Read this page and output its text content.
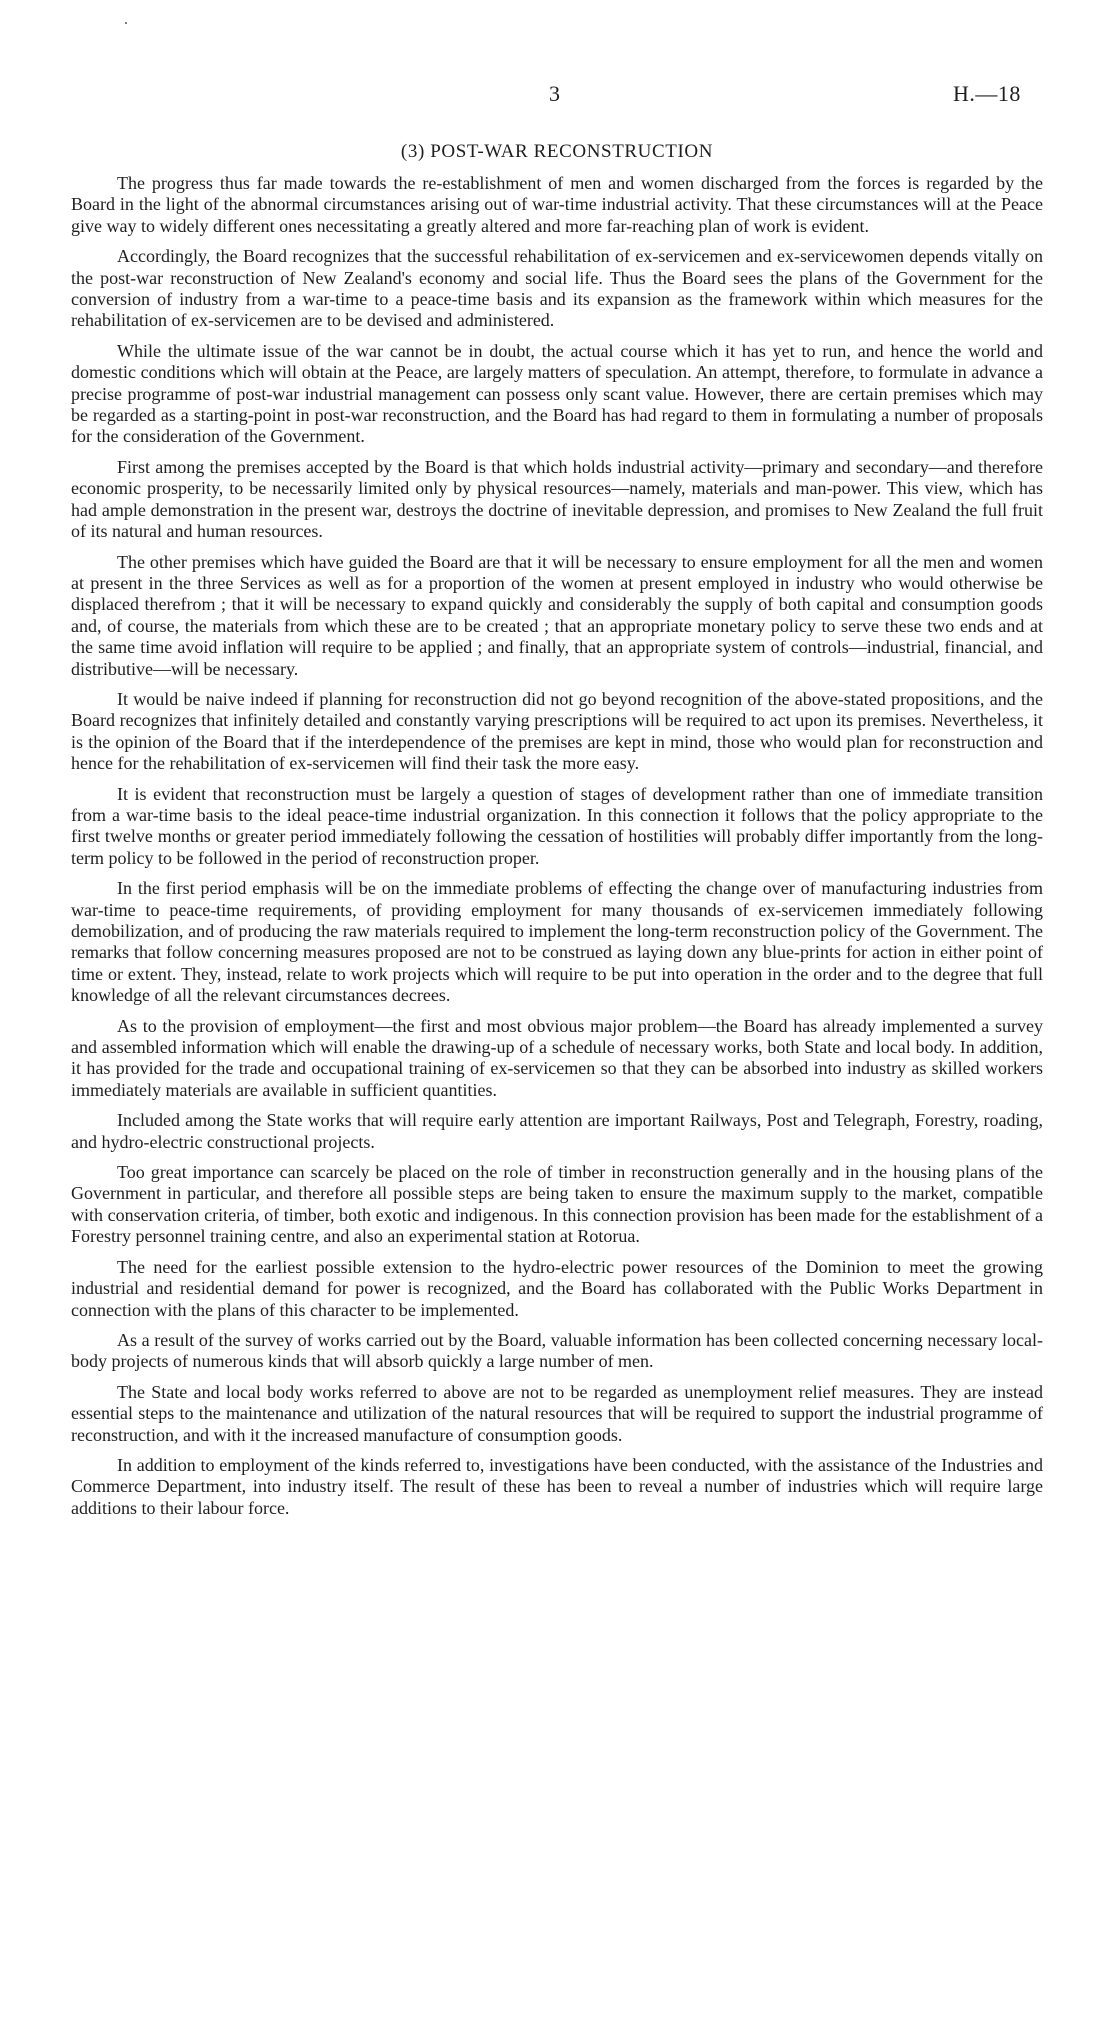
3	H.—18
(3) POST-WAR RECONSTRUCTION

The progress thus far made towards the re-establishment of men and women discharged from the forces is regarded by the Board in the light of the abnormal circumstances arising out of war-time industrial activity. That these circumstances will at the Peace give way to widely different ones necessitating a greatly altered and more far-reaching plan of work is evident.

Accordingly, the Board recognizes that the successful rehabilitation of ex-servicemen and ex-servicewomen depends vitally on the post-war reconstruction of New Zealand's economy and social life. Thus the Board sees the plans of the Government for the conversion of industry from a war-time to a peace-time basis and its expansion as the framework within which measures for the rehabilitation of ex-servicemen are to be devised and administered.

While the ultimate issue of the war cannot be in doubt, the actual course which it has yet to run, and hence the world and domestic conditions which will obtain at the Peace, are largely matters of speculation. An attempt, therefore, to formulate in advance a precise programme of post-war industrial management can possess only scant value. However, there are certain premises which may be regarded as a starting-point in post-war reconstruction, and the Board has had regard to them in formulating a number of proposals for the consideration of the Government.

First among the premises accepted by the Board is that which holds industrial activity—primary and secondary—and therefore economic prosperity, to be necessarily limited only by physical resources—namely, materials and man-power. This view, which has had ample demonstration in the present war, destroys the doctrine of inevitable depression, and promises to New Zealand the full fruit of its natural and human resources.

The other premises which have guided the Board are that it will be necessary to ensure employment for all the men and women at present in the three Services as well as for a proportion of the women at present employed in industry who would otherwise be displaced therefrom ; that it will be necessary to expand quickly and considerably the supply of both capital and consumption goods and, of course, the materials from which these are to be created ; that an appropriate monetary policy to serve these two ends and at the same time avoid inflation will require to be applied ; and finally, that an appropriate system of controls—industrial, financial, and distributive—will be necessary.

It would be naive indeed if planning for reconstruction did not go beyond recognition of the above-stated propositions, and the Board recognizes that infinitely detailed and constantly varying prescriptions will be required to act upon its premises. Nevertheless, it is the opinion of the Board that if the interdependence of the premises are kept in mind, those who would plan for reconstruction and hence for the rehabilitation of ex-servicemen will find their task the more easy.

It is evident that reconstruction must be largely a question of stages of development rather than one of immediate transition from a war-time basis to the ideal peace-time industrial organization. In this connection it follows that the policy appropriate to the first twelve months or greater period immediately following the cessation of hostilities will probably differ importantly from the long-term policy to be followed in the period of reconstruction proper.

In the first period emphasis will be on the immediate problems of effecting the change over of manufacturing industries from war-time to peace-time requirements, of providing employment for many thousands of ex-servicemen immediately following demobilization, and of producing the raw materials required to implement the long-term reconstruction policy of the Government. The remarks that follow concerning measures proposed are not to be construed as laying down any blue-prints for action in either point of time or extent. They, instead, relate to work projects which will require to be put into operation in the order and to the degree that full knowledge of all the relevant circumstances decrees.

As to the provision of employment—the first and most obvious major problem—the Board has already implemented a survey and assembled information which will enable the drawing-up of a schedule of necessary works, both State and local body. In addition, it has provided for the trade and occupational training of ex-servicemen so that they can be absorbed into industry as skilled workers immediately materials are available in sufficient quantities.

Included among the State works that will require early attention are important Railways, Post and Telegraph, Forestry, roading, and hydro-electric constructional projects.

Too great importance can scarcely be placed on the role of timber in reconstruction generally and in the housing plans of the Government in particular, and therefore all possible steps are being taken to ensure the maximum supply to the market, compatible with conservation criteria, of timber, both exotic and indigenous. In this connection provision has been made for the establishment of a Forestry personnel training centre, and also an experimental station at Rotorua.

The need for the earliest possible extension to the hydro-electric power resources of the Dominion to meet the growing industrial and residential demand for power is recognized, and the Board has collaborated with the Public Works Department in connection with the plans of this character to be implemented.

As a result of the survey of works carried out by the Board, valuable information has been collected concerning necessary local-body projects of numerous kinds that will absorb quickly a large number of men.

The State and local body works referred to above are not to be regarded as unemployment relief measures. They are instead essential steps to the maintenance and utilization of the natural resources that will be required to support the industrial programme of reconstruction, and with it the increased manufacture of consumption goods.

In addition to employment of the kinds referred to, investigations have been conducted, with the assistance of the Industries and Commerce Department, into industry itself. The result of these has been to reveal a number of industries which will require large additions to their labour force.
